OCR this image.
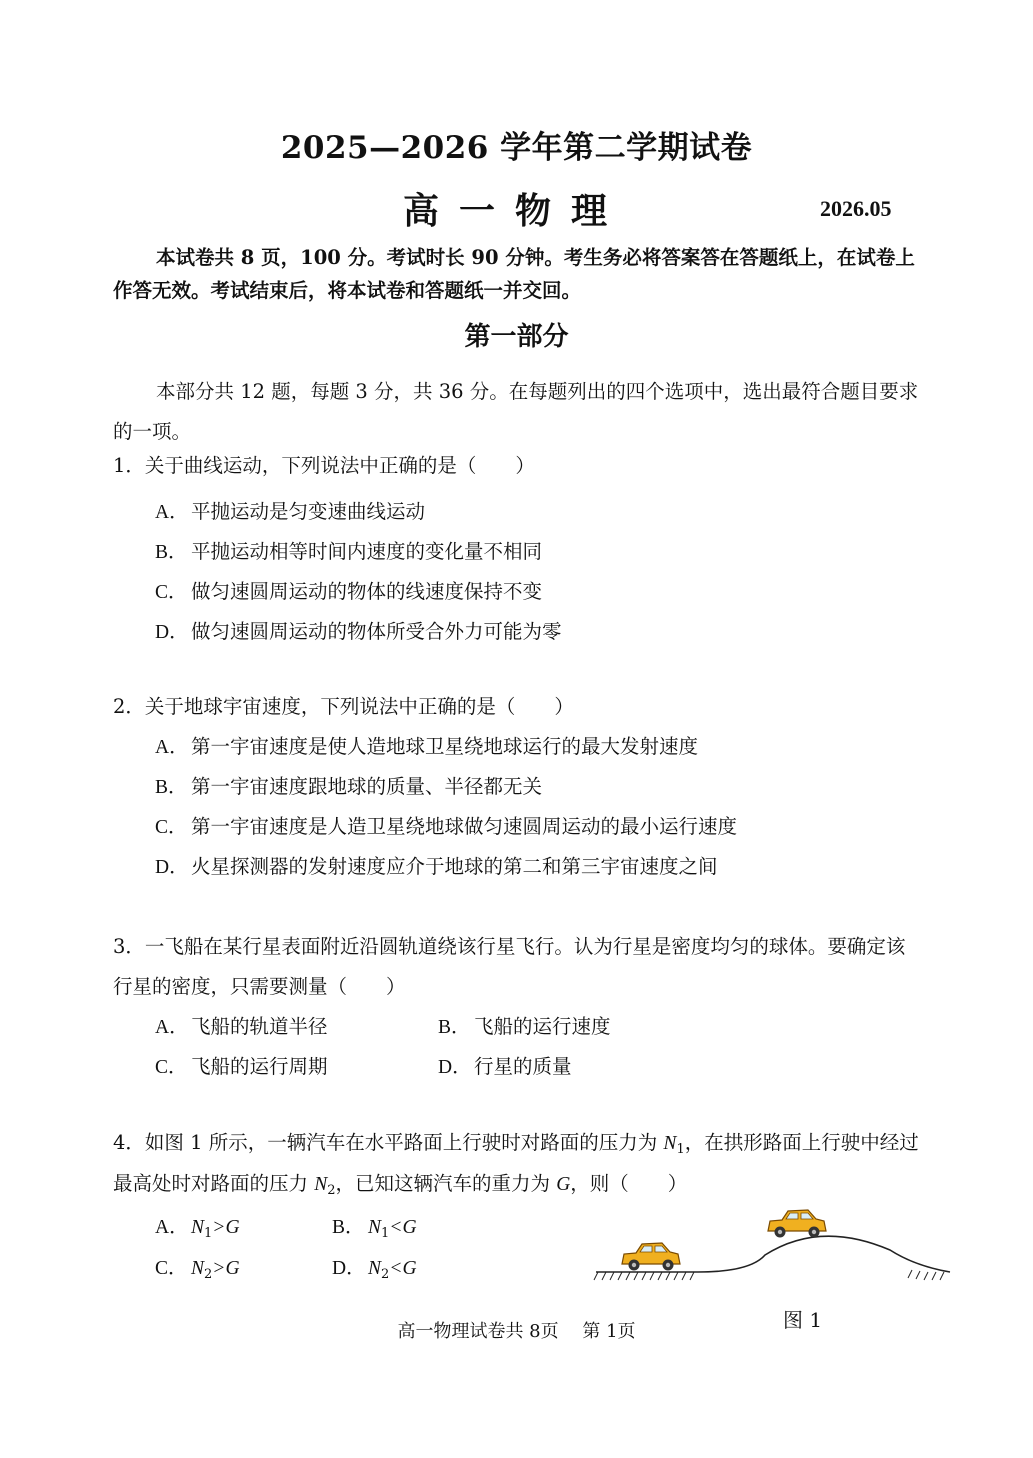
2025—2026 学年第二学期试卷
高一物理	2026.05
本试卷共 8 页，100 分。考试时长 90 分钟。考生务必将答案答在答题纸上，在试卷上作答无效。考试结束后，将本试卷和答题纸一并交回。
第一部分
本部分共 12 题，每题 3 分，共 36 分。在每题列出的四个选项中，选出最符合题目要求的一项。
1．关于曲线运动，下列说法中正确的是（　　）
A． 平抛运动是匀变速曲线运动
B． 平抛运动相等时间内速度的变化量不相同
C． 做匀速圆周运动的物体的线速度保持不变
D． 做匀速圆周运动的物体所受合外力可能为零
2．关于地球宇宙速度，下列说法中正确的是（　　）
A． 第一宇宙速度是使人造地球卫星绕地球运行的最大发射速度
B． 第一宇宙速度跟地球的质量、半径都无关
C． 第一宇宙速度是人造卫星绕地球做匀速圆周运动的最小运行速度
D． 火星探测器的发射速度应介于地球的第二和第三宇宙速度之间
3．一飞船在某行星表面附近沿圆轨道绕该行星飞行。认为行星是密度均匀的球体。要确定该行星的密度，只需要测量（　　）
A． 飞船的轨道半径	B． 飞船的运行速度
C． 飞船的运行周期	D． 行星的质量
4．如图 1 所示，一辆汽车在水平路面上行驶时对路面的压力为 $N_1$，在拱形路面上行驶中经过最高处时对路面的压力 $N_2$，已知这辆汽车的重力为 G，则（　　）
A． $N_1>G$	B． $N_1<G$
C． $N_2>G$	D． $N_2<G$
图 1
高一物理试卷共 8页　 第 1页
